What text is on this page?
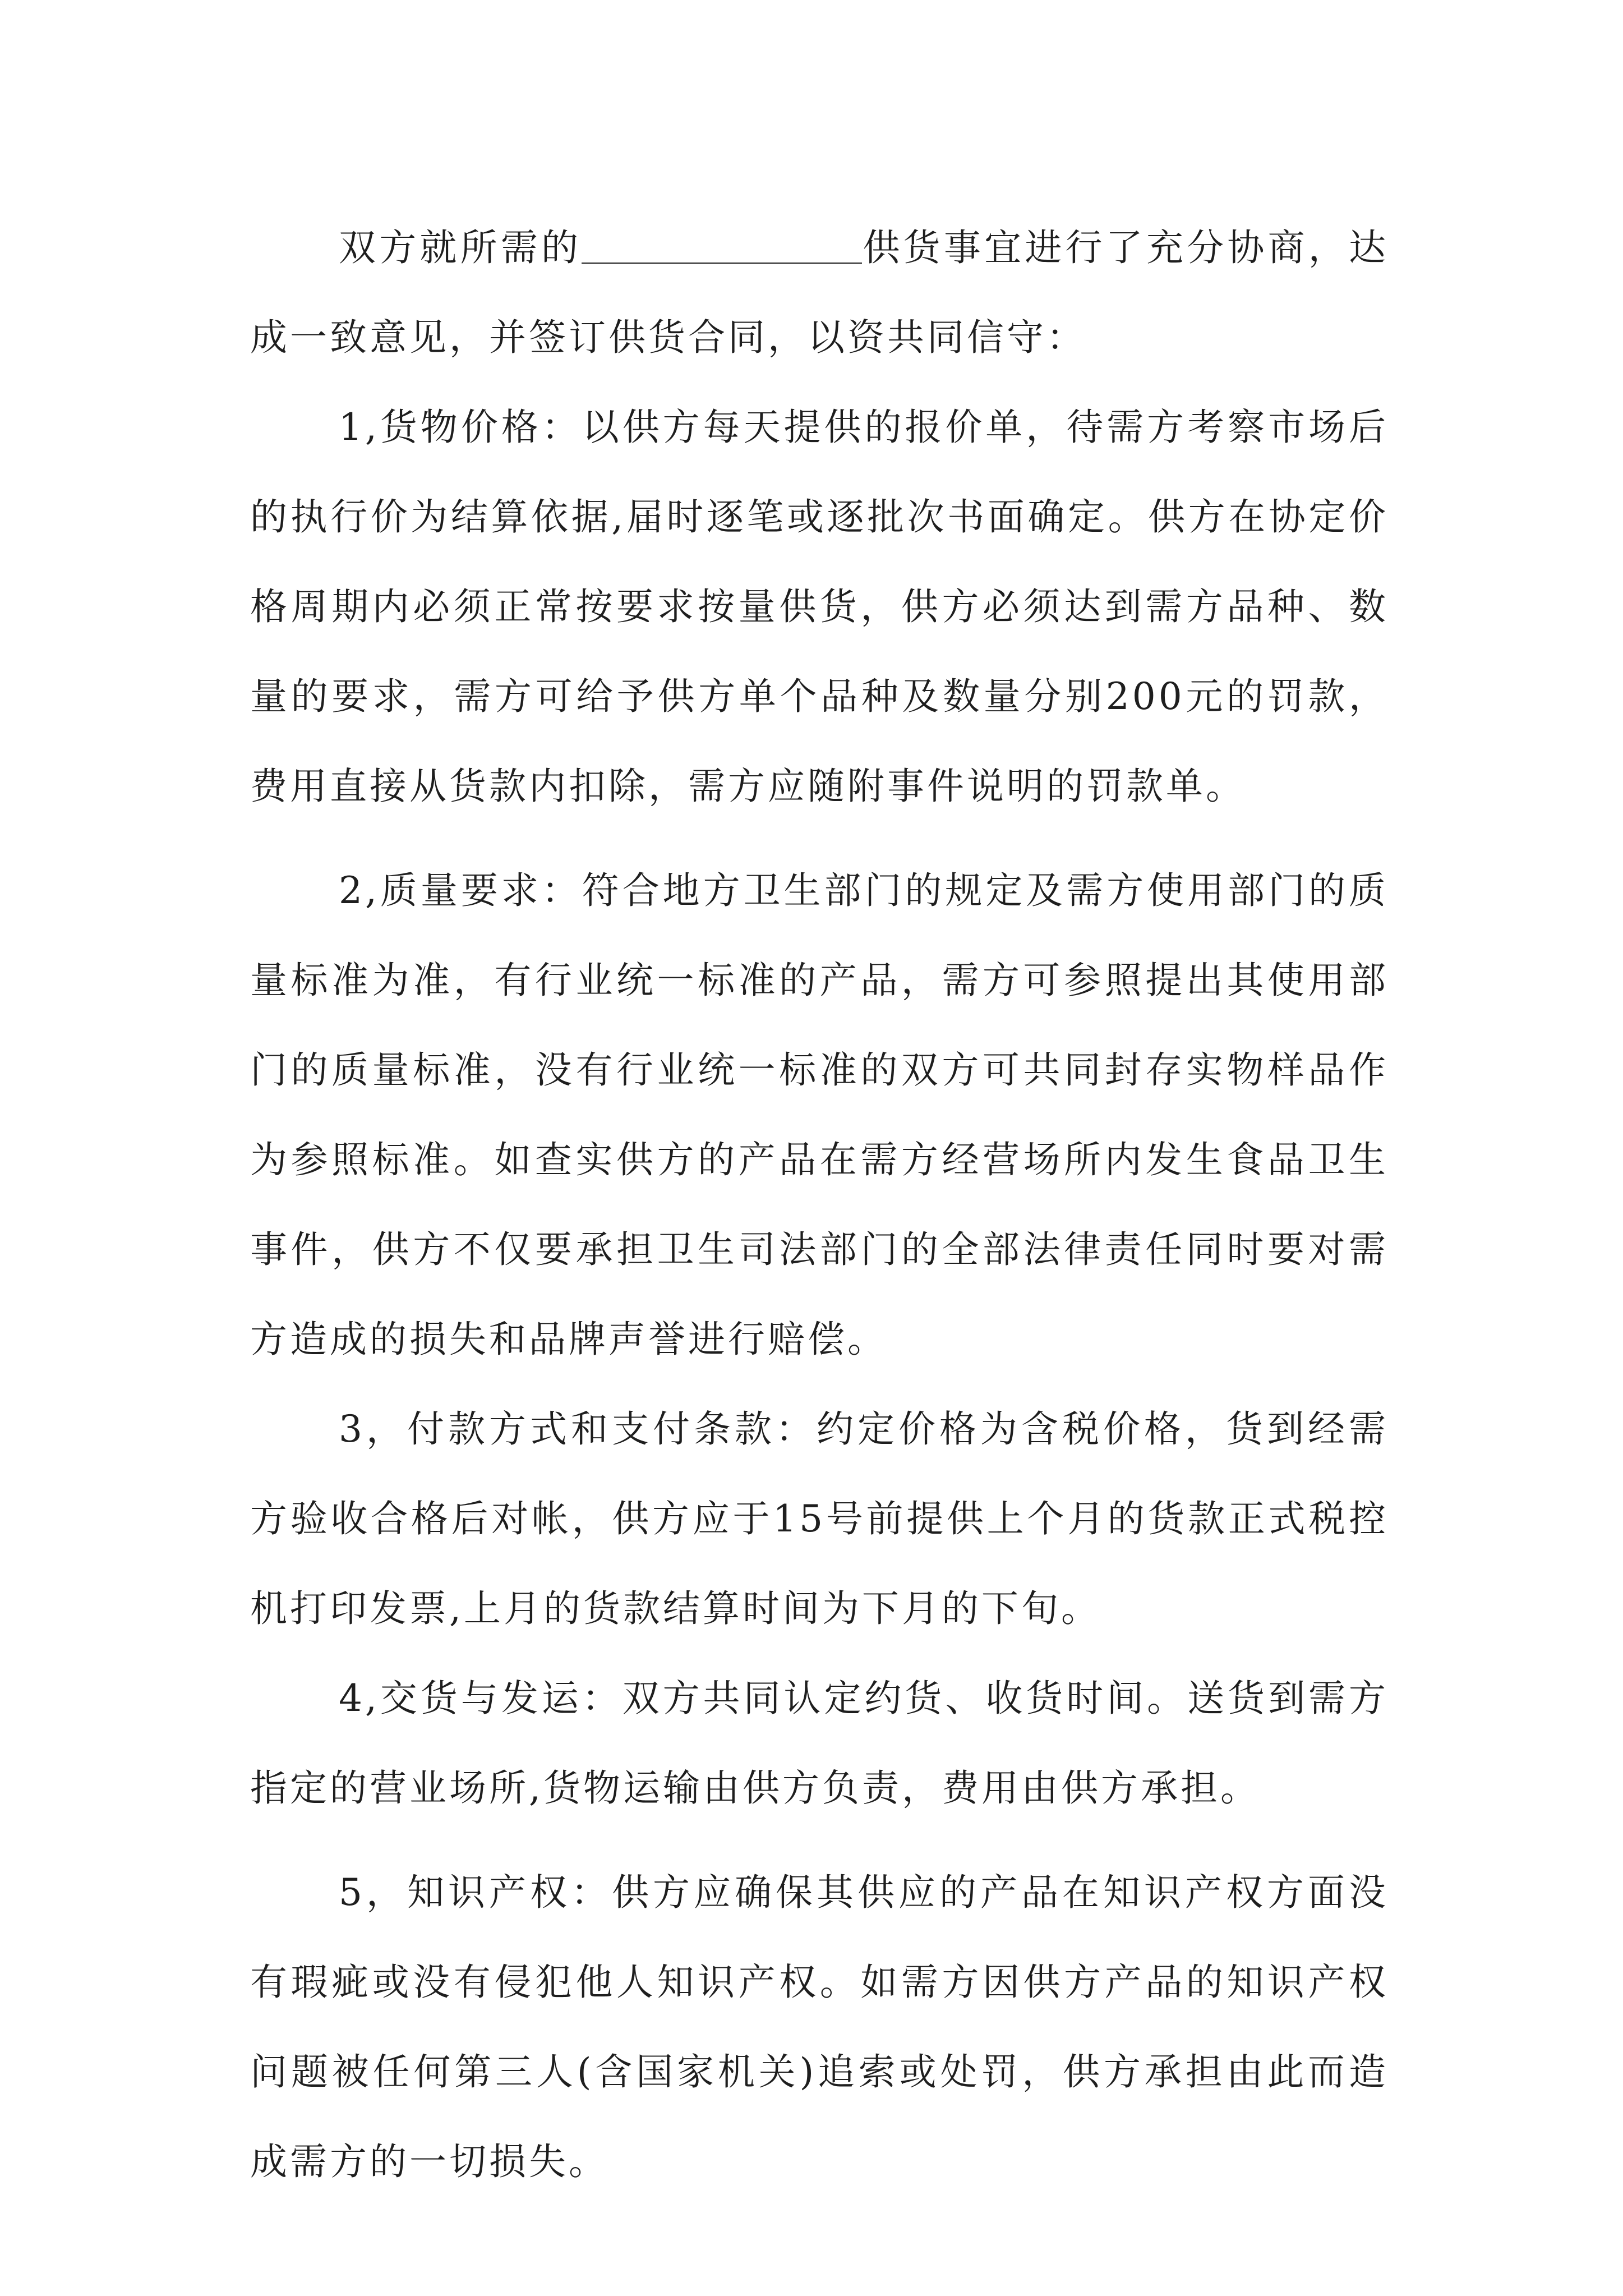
双方就所需的	供货事宜进行了充分协商，达成一致意见，并签订供货合同，以资共同信守：

1,货物价格：以供方每天提供的报价单，待需方考察市场后的执行价为结算依据,届时逐笔或逐批次书面确定。供方在协定价格周期内必须正常按要求按量供货，供方必须达到需方品种、数量的要求，需方可给予供方单个品种及数量分别200元的罚款，费用直接从货款内扣除，需方应随附事件说明的罚款单。

2,质量要求：符合地方卫生部门的规定及需方使用部门的质量标准为准，有行业统一标准的产品，需方可参照提出其使用部门的质量标准，没有行业统一标准的双方可共同封存实物样品作为参照标准。如查实供方的产品在需方经营场所内发生食品卫生事件，供方不仅要承担卫生司法部门的全部法律责任同时要对需方造成的损失和品牌声誉进行赔偿。

3，付款方式和支付条款：约定价格为含税价格，货到经需方验收合格后对帐，供方应于15号前提供上个月的货款正式税控机打印发票,上月的货款结算时间为下月的下旬。

4,交货与发运：双方共同认定约货、收货时间。送货到需方指定的营业场所,货物运输由供方负责，费用由供方承担。

5，知识产权：供方应确保其供应的产品在知识产权方面没有瑕疵或没有侵犯他人知识产权。如需方因供方产品的知识产权问题被任何第三人(含国家机关)追索或处罚，供方承担由此而造成需方的一切损失。
